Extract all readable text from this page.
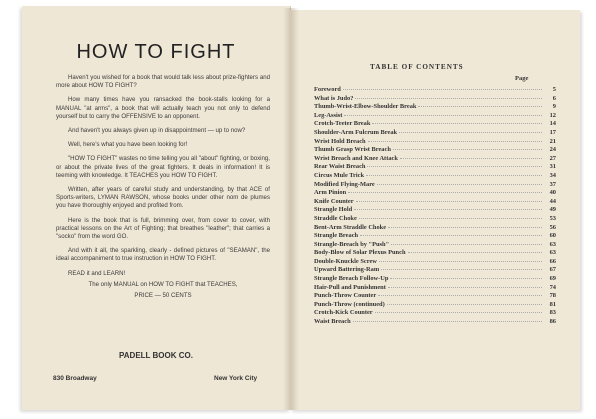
HOW TO FIGHT

Haven't you wished for a book that would talk less about prize-fighters and more about HOW TO FIGHT?

How many times have you ransacked the book-stalls looking for a MANUAL "at arms", a book that will actually teach you not only to defend yourself but to carry the OFFENSIVE to an opponent.

And haven't you always given up in disappointment — up to now?

Well, here's what you have been looking for!

"HOW TO FIGHT" wastes no time telling you all "about" fighting, or boxing, or about the private lives of the great fighters. It deals in information! It is teeming with knowledge. It TEACHES you HOW TO FIGHT.

Written, after years of careful study and understanding, by that ACE of Sports-writers, LYMAN RAWSON, whose books under other nom de plumes you have thoroughly enjoyed and profited from.

Here is the book that is full, brimming over, from cover to cover, with practical lessons on the Art of Fighting; that breathes "leather"; that carries a "socko" from the word GO.

And with it all, the sparkling, clearly - defined pictures of "SEAMAN", the ideal accompaniment to true instruction in HOW TO FIGHT.

READ it and LEARN!

The only MANUAL on HOW TO FIGHT that TEACHES,

PRICE — 50 CENTS

PADELL BOOK CO.
830 Broadway	New York City
TABLE OF CONTENTS
Page
Foreword	5
What is Judo?	6
Thumb-Wrist-Elbow-Shoulder Break	9
Leg-Assist	12
Crotch-Teeter Break	14
Shoulder-Arm Fulcrum Break	17
Wrist Hold Breach	21
Thumb Grasp Wrist Breach	24
Wrist Breach and Knee Attack	27
Rear Waist Breach	31
Circus Mule Trick	34
Modified Flying-Mare	37
Arm Pinion	40
Knife Counter	44
Strangle Hold	49
Straddle Choke	53
Bent-Arm Straddle Choke	56
Strangle Breach	60
Strangle-Breach by "Push"	63
Body-Blow of Solar Plexus Punch	63
Double-Knuckle Screw	66
Upward Battering-Ram	67
Strangle Breach Follow-Up	69
Hair-Pull and Punishment	74
Punch-Throw Counter	78
Punch-Throw (continued)	81
Crotch-Kick Counter	83
Waist Breach	86
